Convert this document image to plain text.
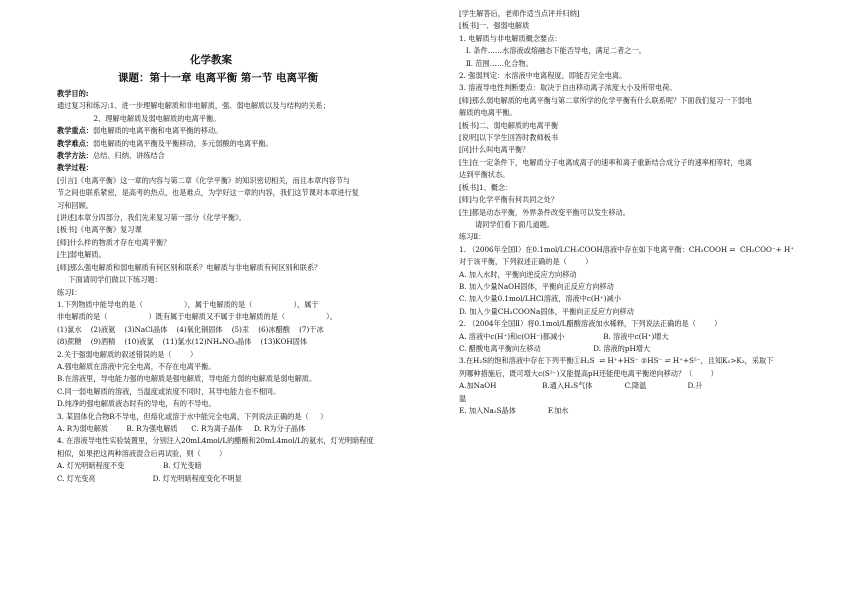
化学教案
课题：第十一章 电离平衡 第一节 电离平衡

教学目的:

通过复习和练习:1、进一步理解电解质和非电解质，强、弱电解质以及与结构的关系；

2、理解电解质及弱电解质的电离平衡。

教学重点：弱电解质的电离平衡和电离平衡的移动。

教学难点：弱电解质的电离平衡及平衡移动，多元弱酸的电离平衡。

教学方法：总结、归纳、讲练结合

教学过程：

[引言]《电离平衡》这一章的内容与第二章《化学平衡》的知识密切相关，而且本章内容节与

节之间也联系紧密，是高考的热点，也是难点，为学好这一章的内容，我们这节课对本章进行复

习和回顾。

[讲述]本章分四部分，我们先来复习第一部分《化学平衡》。

[板书]《电离平衡》复习课

[师]什么样的物质才存在电离平衡？

[生]弱电解质。

[师]那么强电解质和弱电解质有何区别和联系？电解质与非电解质有何区别和联系？

下面请同学们做以下练习题：

练习Ⅰ：

1.下列物质中能导电的是（                  ），属于电解质的是（                  ），属于

非电解质的是（                  ）既有属于电解质又不属于非电解质的是（                  ）。

(1)氯水    (2)液氨    (3)NaCl晶体    (4)氧化铜固体    (5)汞    (6)冰醋酸    (7)干冰

(8)蔗糖    (9)酒精    (10)液氯    (11)氯水(12)NH₄NO₃晶体    (13)KOH固体

2.关于强弱电解质的叙述错误的是（        ）

A.强电解质在溶液中完全电离，不存在电离平衡。

B.在溶液里，导电能力强的电解质是强电解质，导电能力弱的电解质是弱电解质。

C.同一弱电解质的溶液，当温度或浓度不同时，其导电能力也不相同。

D.纯净的强电解质液态时有的导电，有的不导电。

3. 某固体化合物R不导电，但熔化或溶于水中能完全电离，下列说法正确的是（     ）

A. R为弱电解质        B. R为强电解质      C. R为离子晶体     D. R为分子晶体

4. 在溶液导电性实验装置里，分别注入20mL4mol/L的醋酸和20mL4mol/L的氨水，灯光明暗程度

相似，如果把这两种溶液混合后再试验，则（        ）

A. 灯光明暗程度不变                 B. 灯光变暗

C. 灯光变亮                         D. 灯光明暗程度变化不明显

[学生解答后，老师作适当点评并归纳]

[板书]一、强弱电解质

1. 电解质与非电解质概念要点：

Ⅰ. 条件……水溶液或熔融态下能否导电，满足二者之一。

Ⅱ. 范围……化合物。

2. 强弱判定：水溶液中电离程度，即能否完全电离。

3. 溶液导电性判断要点：取决于自由移动离子浓度大小及所带电荷。

[师]那么弱电解质的电离平衡与第二章所学的化学平衡有什么联系呢？下面我们复习一下弱电

解质的电离平衡。

[板书]二、弱电解质的电离平衡

[说明]以下学生回答时教师板书

[问]什么叫电离平衡？

[生]在一定条件下，电解质分子电离成离子的速率和离子重新结合成分子的速率相等时，电离

达到平衡状态。

[板书]1、概念：

[师]与化学平衡有何共同之处？

[生]都是动态平衡，外界条件改变平衡可以发生移动。

请同学们看下面几道题。

练习Ⅱ：

1. （2006年全国Ⅰ）在0.1mol/LCH₃COOH溶液中存在如下电离平衡：CH₃COOH ⇌  CH₃COO⁻+ H⁺

对于该平衡，下列叙述正确的是（        ）

A. 加入水时，平衡向逆反应方向移动

B. 加入少量NaOH固体，平衡向正反应方向移动

C. 加入少量0.1mol/LHCl溶液，溶液中c(H⁺)减小

D. 加入少量CH₃COONa固体，平衡向正反应方向移动

2. （2004年全国Ⅱ）将0.1mol/L醋酸溶液加水稀释，下列说法正确的是（        ）

A. 溶液中c(H⁺)和c(OH⁻)都减小                 B. 溶液中c(H⁺)增大

C. 醋酸电离平衡向左移动                       D. 溶液的pH增大

3.在H₂S的饱和溶液中存在下列平衡①H₂S  ⇌ H⁺+HS⁻ ②HS⁻ ⇌ H⁺+S²⁻，且知K₁>K₂，采取下

列哪种措施后，既可增大c(S²⁻)又能提高pH还能使电离平衡逆向移动？（        ）

A.加NaOH                    B.通入H₂S气体              C.降温                  D.升

温

E. 加入Na₂S晶体              F.加水
